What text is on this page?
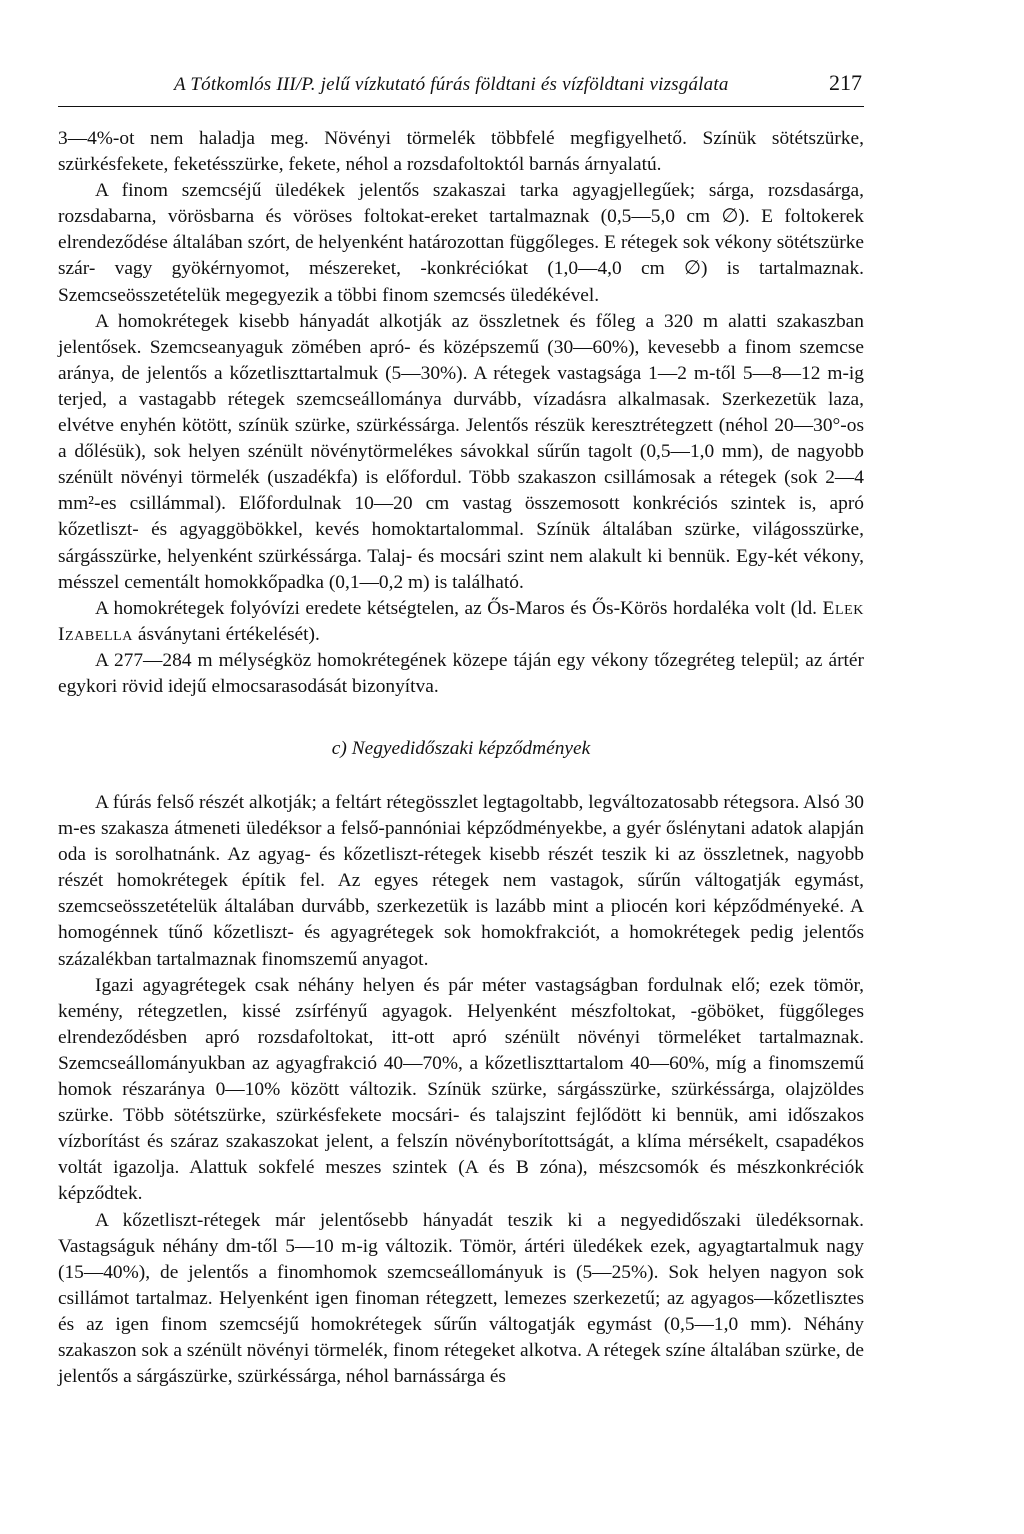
A Tótkomlós III/P. jelű vízkutató fúrás földtani és vízföldtani vizsgálata	217

3—4%-ot nem haladja meg. Növényi törmelék többfelé megfigyelhető. Színük sötétszürke, szürkésfekete, feketésszürke, fekete, néhol a rozsdafoltoktól barnás árnyalatú.

A finom szemcséjű üledékek jelentős szakaszai tarka agyagjellegűek; sárga, rozsdasárga, rozsdabarna, vörösbarna és vöröses foltokat-ereket tartalmaznak (0,5—5,0 cm ∅). E foltokerek elrendeződése általában szórt, de helyenként határozottan függőleges. E rétegek sok vékony sötétszürke szár- vagy gyökérnyomot, mészereket, -konkréciókat (1,0—4,0 cm ∅) is tartalmaznak. Szemcseösszetételük megegyezik a többi finom szemcsés üledékével.

A homokrétegek kisebb hányadát alkotják az összletnek és főleg a 320 m alatti szakaszban jelentősek. Szemcseanyaguk zömében apró- és középszemű (30—60%), kevesebb a finom szemcse aránya, de jelentős a kőzetliszttartalmuk (5—30%). A rétegek vastagsága 1—2 m-től 5—8—12 m-ig terjed, a vastagabb rétegek szemcseállománya durvább, vízadásra alkalmasak. Szerkezetük laza, elvétve enyhén kötött, színük szürke, szürkéssárga. Jelentős részük keresztrétegzett (néhol 20—30°-os a dőlésük), sok helyen szénült növénytörmelékes sávokkal sűrűn tagolt (0,5—1,0 mm), de nagyobb szénült növényi törmelék (uszadékfa) is előfordul. Több szakaszon csillámosak a rétegek (sok 2—4 mm²-es csillámmal). Előfordulnak 10—20 cm vastag összemosott konkréciós szintek is, apró kőzetliszt- és agyaggöbökkel, kevés homoktartalommal. Színük általában szürke, világosszürke, sárgásszürke, helyenként szürkéssárga. Talaj- és mocsári szint nem alakult ki bennük. Egy-két vékony, mésszel cementált homokkőpadka (0,1—0,2 m) is található.

A homokrétegek folyóvízi eredete kétségtelen, az Ős-Maros és Ős-Körös hordaléka volt (ld. Elek Izabella ásványtani értékelését).

A 277—284 m mélységköz homokrétegének közepe táján egy vékony tőzegréteg települ; az ártér egykori rövid idejű elmocsarasodását bizonyítva.

c) Negyedidőszaki képződmények

A fúrás felső részét alkotják; a feltárt rétegösszlet legtagoltabb, legváltozatosabb rétegsora. Alsó 30 m-es szakasza átmeneti üledéksor a felső-pannóniai képződményekbe, a gyér őslénytani adatok alapján oda is sorolhatnánk. Az agyag- és kőzetliszt-rétegek kisebb részét teszik ki az összletnek, nagyobb részét homokrétegek építik fel. Az egyes rétegek nem vastagok, sűrűn váltogatják egymást, szemcseösszetételük általában durvább, szerkezetük is lazább mint a pliocén kori képződményeké. A homogénnek tűnő kőzetliszt- és agyagrétegek sok homokfrakciót, a homokrétegek pedig jelentős százalékban tartalmaznak finomszemű anyagot.

Igazi agyagrétegek csak néhány helyen és pár méter vastagságban fordulnak elő; ezek tömör, kemény, rétegzetlen, kissé zsírfényű agyagok. Helyenként mészfoltokat, -göböket, függőleges elrendeződésben apró rozsdafoltokat, itt-ott apró szénült növényi törmeléket tartalmaznak. Szemcseállományukban az agyagfrakció 40—70%, a kőzetliszttartalom 40—60%, míg a finomszemű homok részaránya 0—10% között változik. Színük szürke, sárgásszürke, szürkéssárga, olajzöldes szürke. Több sötétszürke, szürkésfekete mocsári- és talajszint fejlődött ki bennük, ami időszakos vízborítást és száraz szakaszokat jelent, a felszín növényborítottságát, a klíma mérsékelt, csapadékos voltát igazolja. Alattuk sokfelé meszes szintek (A és B zóna), mészcsomók és mészkonkréciók képződtek.

A kőzetliszt-rétegek már jelentősebb hányadát teszik ki a negyedidőszaki üledéksornak. Vastagságuk néhány dm-től 5—10 m-ig változik. Tömör, ártéri üledékek ezek, agyagtartalmuk nagy (15—40%), de jelentős a finomhomok szemcseállományuk is (5—25%). Sok helyen nagyon sok csillámot tartalmaz. Helyenként igen finoman rétegzett, lemezes szerkezetű; az agyagos—kőzetlisztes és az igen finom szemcséjű homokrétegek sűrűn váltogatják egymást (0,5—1,0 mm). Néhány szakaszon sok a szénült növényi törmelék, finom rétegeket alkotva. A rétegek színe általában szürke, de jelentős a sárgászürke, szürkéssárga, néhol barnássárga és
